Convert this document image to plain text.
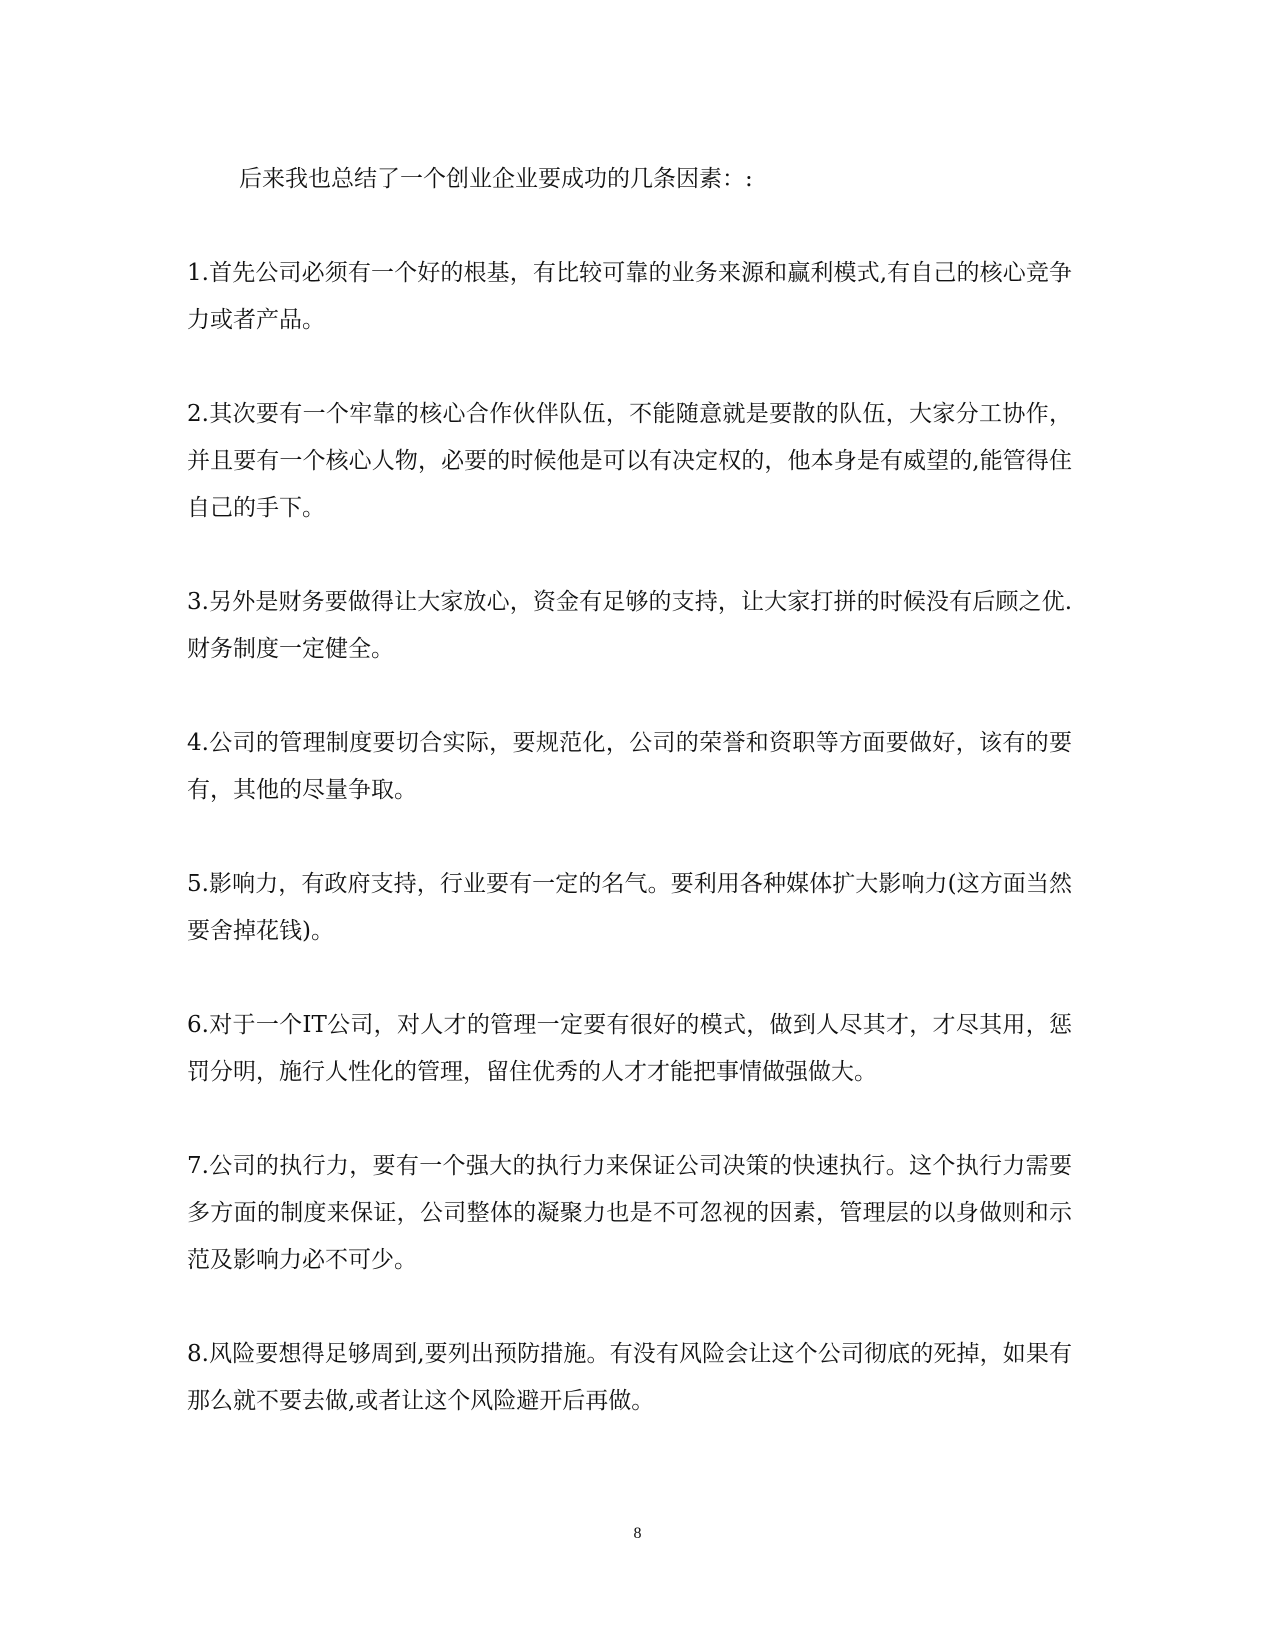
后来我也总结了一个创业企业要成功的几条因素：:

1.首先公司必须有一个好的根基，有比较可靠的业务来源和赢利模式,有自己的核心竞争力或者产品。

2.其次要有一个牢靠的核心合作伙伴队伍，不能随意就是要散的队伍，大家分工协作，并且要有一个核心人物，必要的时候他是可以有决定权的，他本身是有威望的,能管得住自己的手下。

3.另外是财务要做得让大家放心，资金有足够的支持，让大家打拼的时候没有后顾之优.财务制度一定健全。

4.公司的管理制度要切合实际，要规范化，公司的荣誉和资职等方面要做好，该有的要有，其他的尽量争取。

5.影响力，有政府支持，行业要有一定的名气。要利用各种媒体扩大影响力(这方面当然要舍掉花钱)。

6.对于一个IT公司，对人才的管理一定要有很好的模式，做到人尽其才，才尽其用，惩罚分明，施行人性化的管理，留住优秀的人才才能把事情做强做大。

7.公司的执行力，要有一个强大的执行力来保证公司决策的快速执行。这个执行力需要多方面的制度来保证，公司整体的凝聚力也是不可忽视的因素，管理层的以身做则和示范及影响力必不可少。

8.风险要想得足够周到,要列出预防措施。有没有风险会让这个公司彻底的死掉，如果有那么就不要去做,或者让这个风险避开后再做。

8
